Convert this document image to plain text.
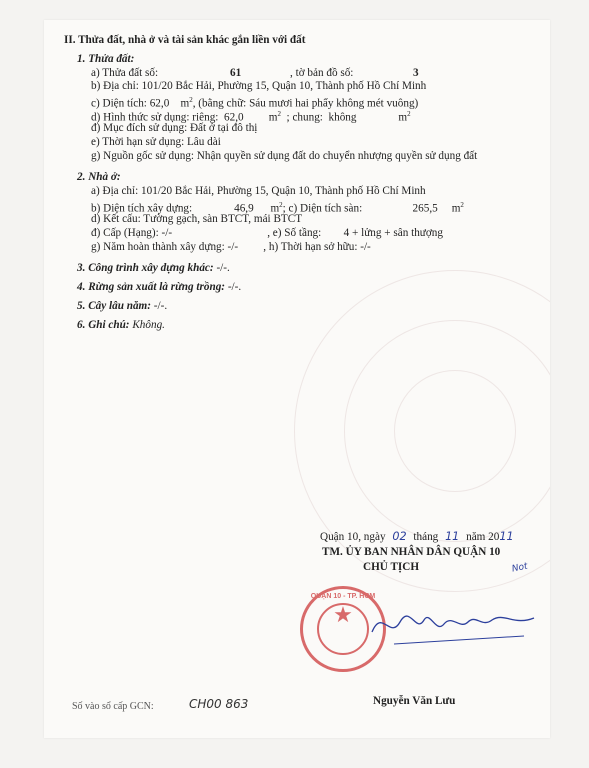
II. Thửa đất, nhà ở và tài sản khác gắn liền với đất
1. Thửa đất:
a) Thửa đất số:	61	, tờ bản đồ số:	3
b) Địa chỉ: 101/20 Bắc Hải, Phường 15, Quận 10, Thành phố Hồ Chí Minh
c) Diện tích: 62,0 $m^2$, (bằng chữ: Sáu mươi hai phẩy không mét vuông)
d) Hình thức sử dụng: riêng: 62,0 $m^2$ ; chung: không	$m^2$
đ) Mục đích sử dụng: Đất ở tại đô thị
e) Thời hạn sử dụng: Lâu dài
g) Nguồn gốc sử dụng: Nhận quyền sử dụng đất do chuyển nhượng quyền sử dụng đất
2. Nhà ở:
a) Địa chỉ: 101/20 Bắc Hải, Phường 15, Quận 10, Thành phố Hồ Chí Minh
b) Diện tích xây dựng:	46,9 $m^2$; c) Diện tích sàn:	265,5 $m^2$
d) Kết cấu: Tường gạch, sàn BTCT, mái BTCT
đ) Cấp (Hạng): -/-	, e) Số tầng: 4 + lửng + sân thượng
g) Năm hoàn thành xây dựng: -/- , h) Thời hạn sở hữu: -/-
3. Công trình xây dựng khác: -/-.
4. Rừng sản xuất là rừng trồng: -/-.
5. Cây lâu năm: -/-.
6. Ghi chú: Không.
Quận 10, ngày 02 tháng 11 năm 2011
TM. ỦY BAN NHÂN DÂN QUẬN 10
CHỦ TỊCH	Not
QUẬN 10 - TP. HCM
★
Nguyễn Văn Lưu
Số vào sổ cấp GCN:	CH00 863
